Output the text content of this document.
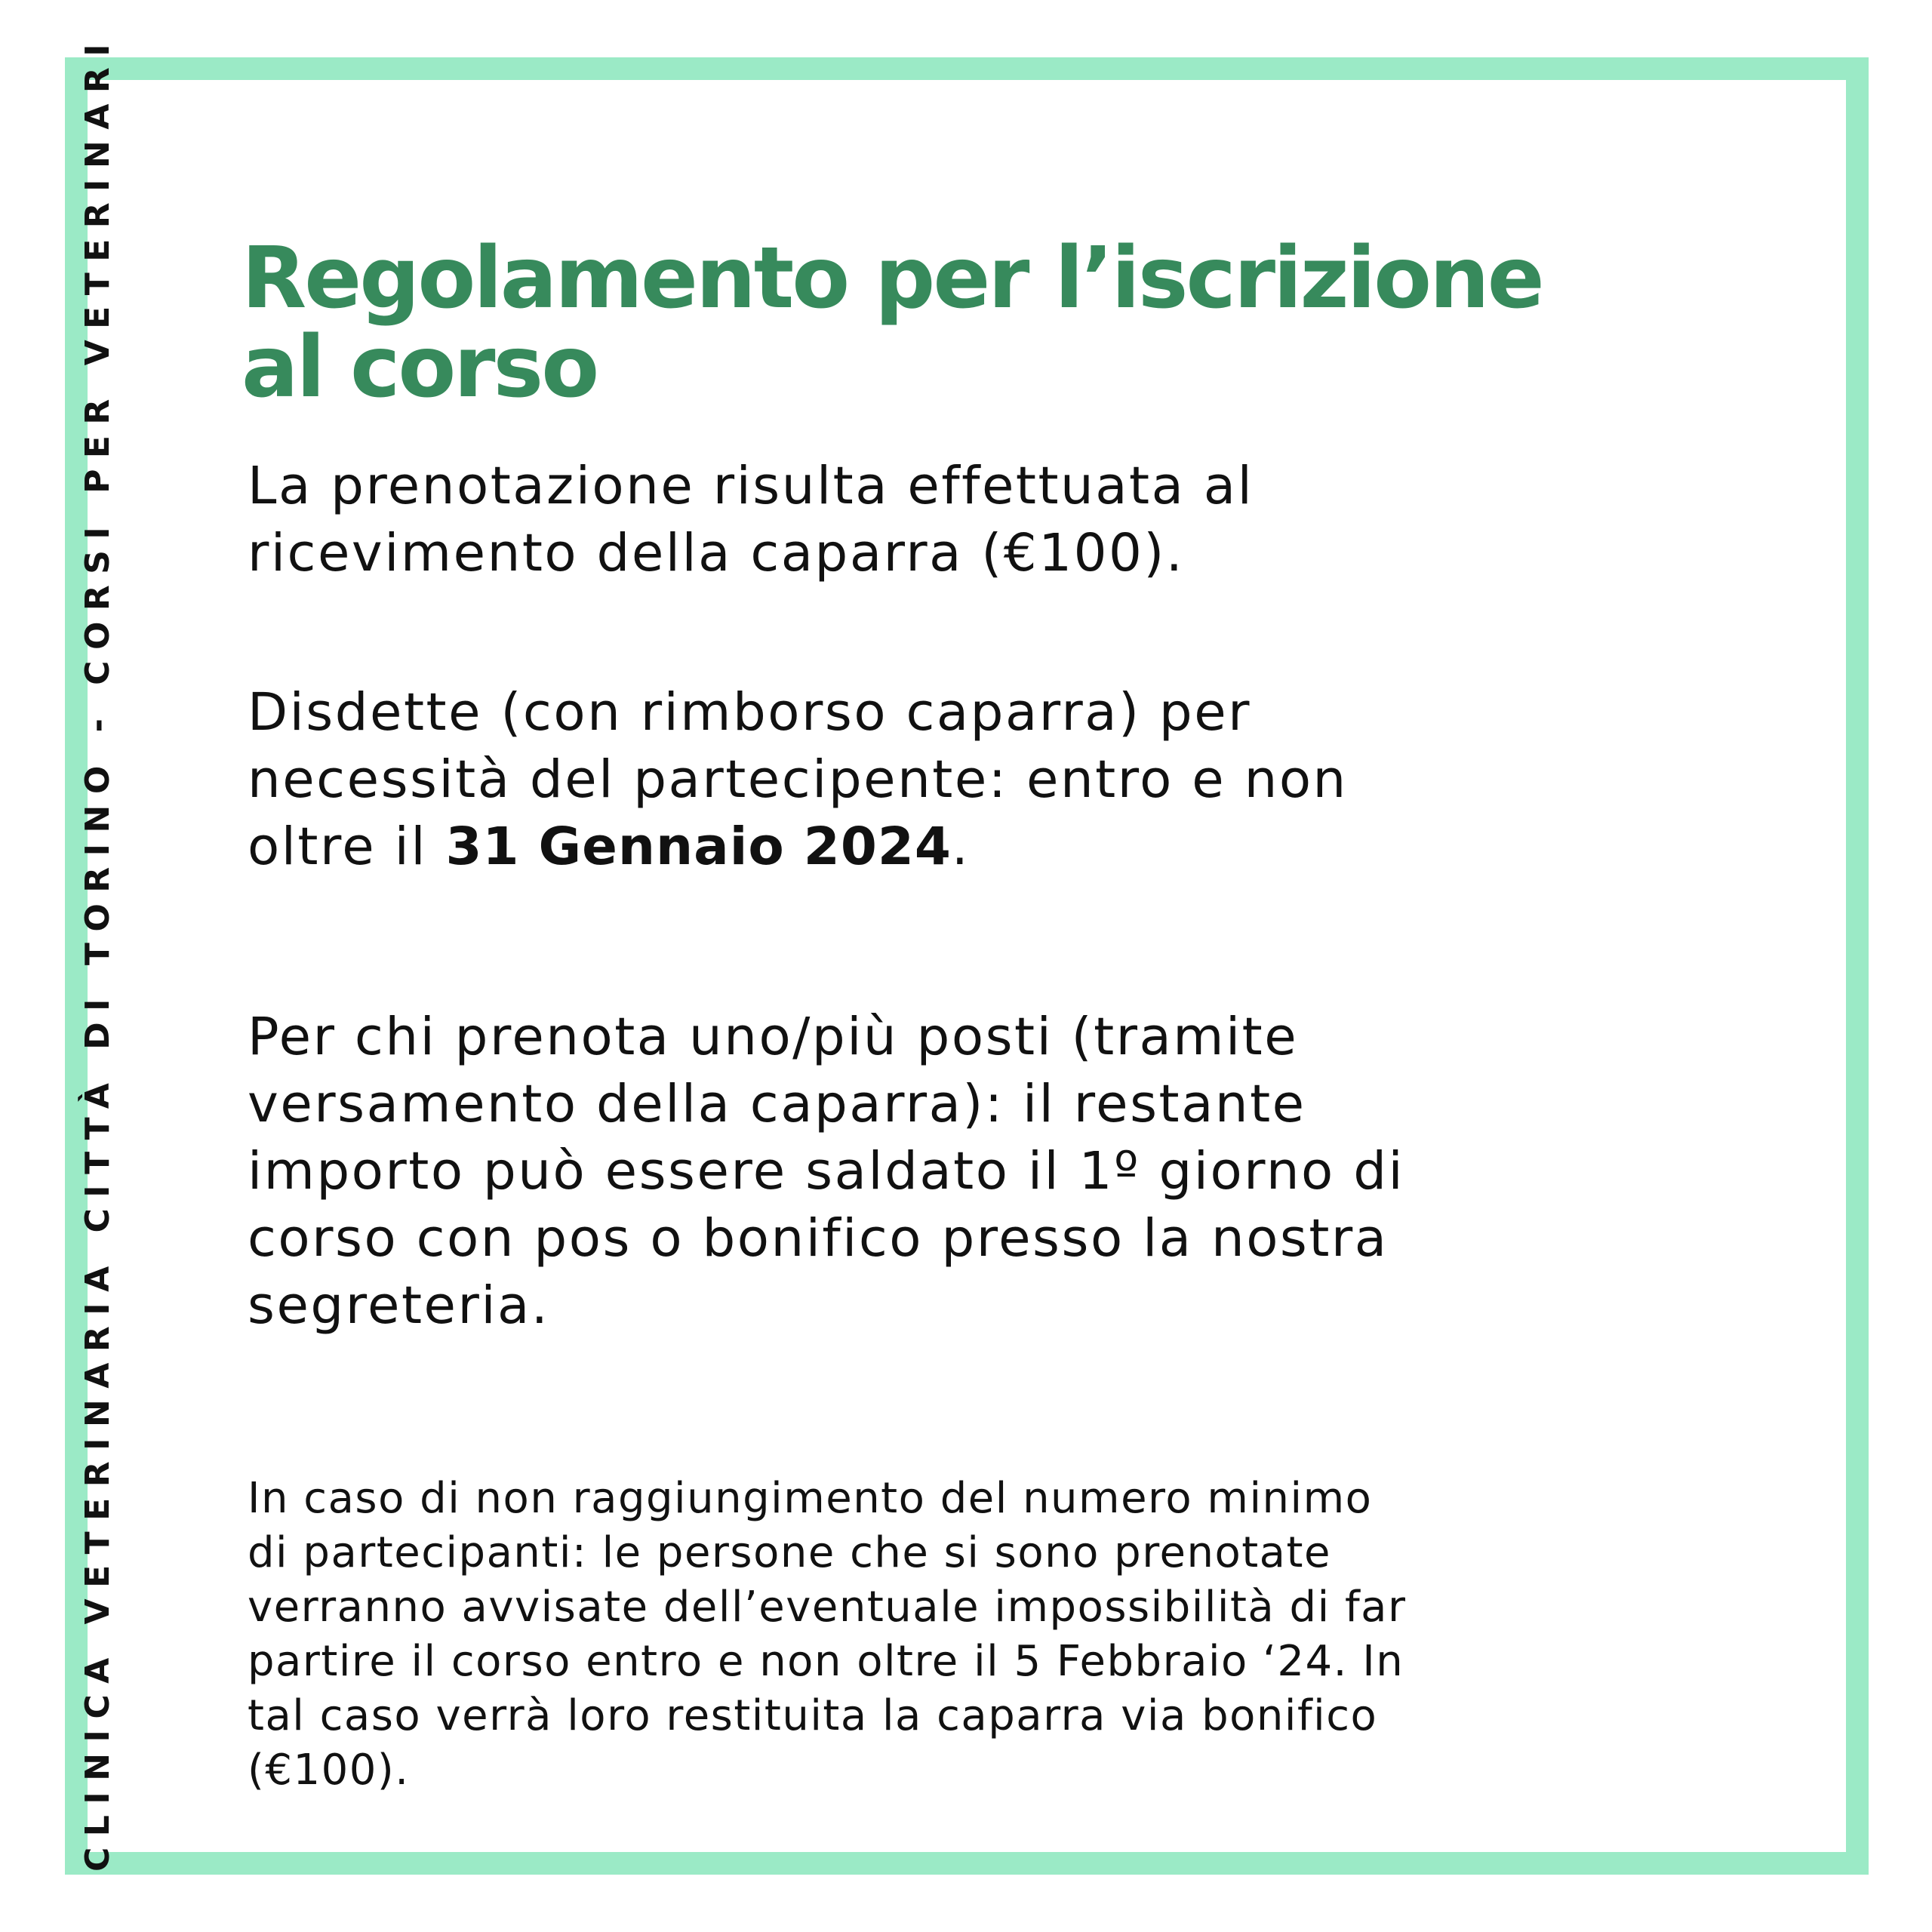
CLINICA VETERINARIA CITTÀ DI TORINO - CORSI PER VETERINARI Regolamento per l’iscrizione
al corso

La prenotazione risulta effettuata al
ricevimento della caparra (€100).

Disdette (con rimborso caparra) per
necessità del partecipente: entro e non
oltre il 31 Gennaio 2024.

Per chi prenota uno/più posti (tramite
versamento della caparra): il restante
importo può essere saldato il 1º giorno di
corso con pos o bonifico presso la nostra
segreteria.

In caso di non raggiungimento del numero minimo
di partecipanti: le persone che si sono prenotate
verranno avvisate dell’eventuale impossibilità di far
partire il corso entro e non oltre il 5 Febbraio ‘24. In
tal caso verrà loro restituita la caparra via bonifico
(€100).
